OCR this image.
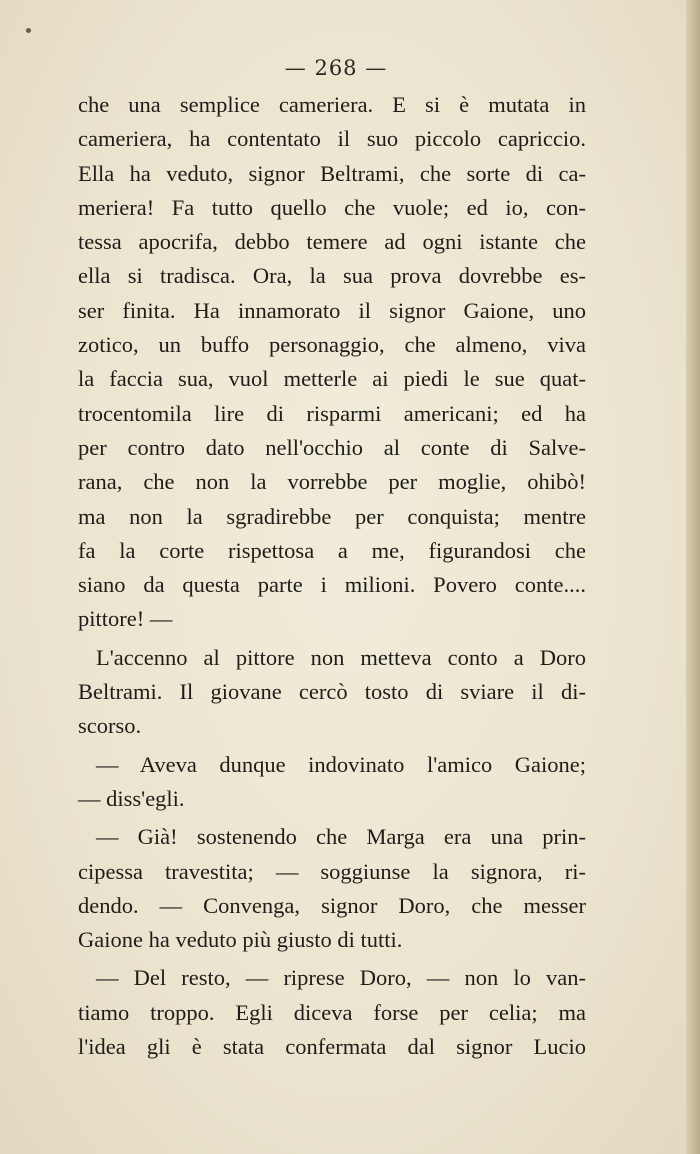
— 268 —
che una semplice cameriera. E si è mutata in
cameriera, ha contentato il suo piccolo capriccio.
Ella ha veduto, signor Beltrami, che sorte di ca-
meriera! Fa tutto quello che vuole; ed io, con-
tessa apocrifa, debbo temere ad ogni istante che
ella si tradisca. Ora, la sua prova dovrebbe es-
ser finita. Ha innamorato il signor Gaione, uno
zotico, un buffo personaggio, che almeno, viva
la faccia sua, vuol metterle ai piedi le sue quat-
trocentomila lire di risparmi americani; ed ha
per contro dato nell'occhio al conte di Salve-
rana, che non la vorrebbe per moglie, ohibò!
ma non la sgradirebbe per conquista; mentre
fa la corte rispettosa a me, figurandosi che
siano da questa parte i milioni. Povero conte....
pittore! —
L'accenno al pittore non metteva conto a Doro
Beltrami. Il giovane cercò tosto di sviare il di-
scorso.
— Aveva dunque indovinato l'amico Gaione;
— diss'egli.
— Già! sostenendo che Marga era una prin-
cipessa travestita; — soggiunse la signora, ri-
dendo. — Convenga, signor Doro, che messer
Gaione ha veduto più giusto di tutti.
— Del resto, — riprese Doro, — non lo van-
tiamo troppo. Egli diceva forse per celia; ma
l'idea gli è stata confermata dal signor Lucio
